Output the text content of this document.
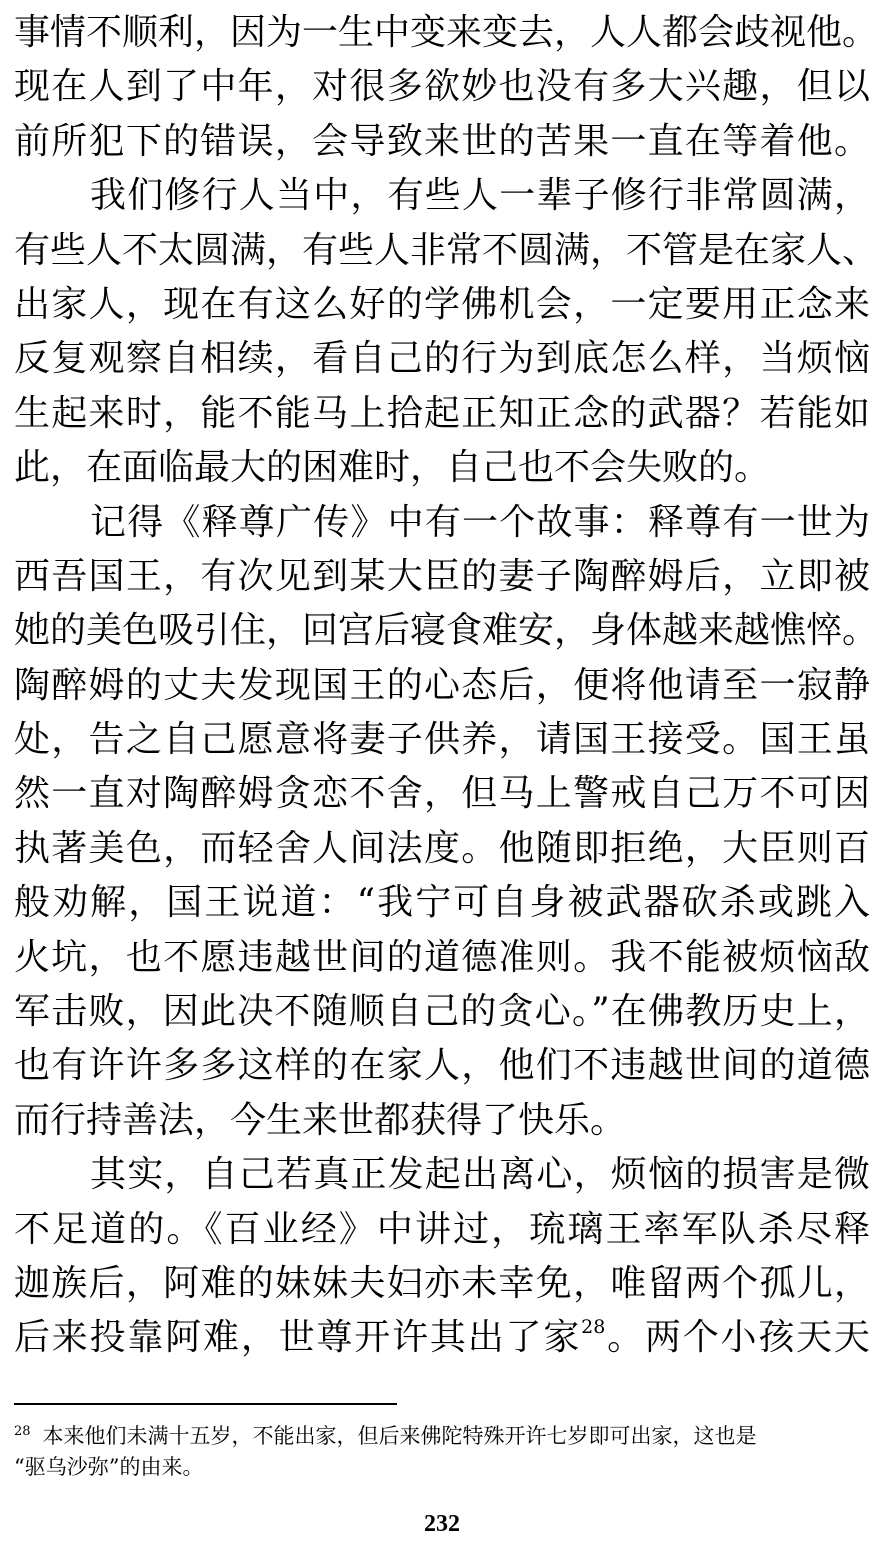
事情不顺利，因为一生中变来变去，人人都会歧视他。
现在人到了中年，对很多欲妙也没有多大兴趣，但以
前所犯下的错误，会导致来世的苦果一直在等着他。
我们修行人当中，有些人一辈子修行非常圆满，
有些人不太圆满，有些人非常不圆满，不管是在家人、
出家人，现在有这么好的学佛机会，一定要用正念来
反复观察自相续，看自己的行为到底怎么样，当烦恼
生起来时，能不能马上拾起正知正念的武器？若能如
此，在面临最大的困难时，自己也不会失败的。
记得《释尊广传》中有一个故事：释尊有一世为
西吾国王，有次见到某大臣的妻子陶醉姆后，立即被
她的美色吸引住，回宫后寝食难安，身体越来越憔悴。
陶醉姆的丈夫发现国王的心态后，便将他请至一寂静
处，告之自己愿意将妻子供养，请国王接受。国王虽
然一直对陶醉姆贪恋不舍，但马上警戒自己万不可因
执著美色，而轻舍人间法度。他随即拒绝，大臣则百
般劝解，国王说道：“我宁可自身被武器砍杀或跳入
火坑，也不愿违越世间的道德准则。我不能被烦恼敌
军击败，因此决不随顺自己的贪心。”在佛教历史上，
也有许许多多这样的在家人，他们不违越世间的道德
而行持善法，今生来世都获得了快乐。
其实，自己若真正发起出离心，烦恼的损害是微
不足道的。《百业经》中讲过，琉璃王率军队杀尽释
迦族后，阿难的妹妹夫妇亦未幸免，唯留两个孤儿，
后来投靠阿难，世尊开许其出了家$^{28}$。两个小孩天天
$^{28}$ 本来他们未满十五岁，不能出家，但后来佛陀特殊开许七岁即可出家，这也是
“驱乌沙弥”的由来。
232
